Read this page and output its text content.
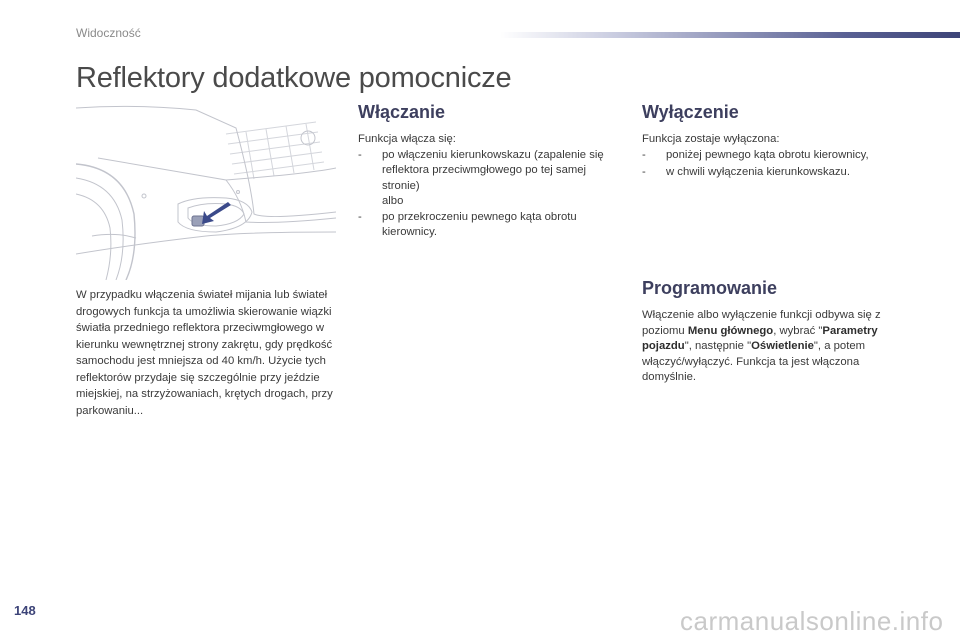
Widoczność
Reflektory dodatkowe pomocnicze
W przypadku włączenia świateł mijania lub świateł drogowych funkcja ta umożliwia skierowanie wiązki światła przedniego reflektora przeciwmgłowego w kierunku wewnętrznej strony zakrętu, gdy prędkość samochodu jest mniejsza od 40 km/h. Użycie tych reflektorów przydaje się szczególnie przy jeździe miejskiej, na strzyżowaniach, krętych drogach, przy parkowaniu...
Włączanie
Funkcja włącza się:
-	po włączeniu kierunkowskazu (zapalenie się reflektora przeciwmgłowego po tej samej stronie)
albo
-	po przekroczeniu pewnego kąta obrotu kierownicy.
Wyłączenie
Funkcja zostaje wyłączona:
-	poniżej pewnego kąta obrotu kierownicy,
-	w chwili wyłączenia kierunkowskazu.
Programowanie
Włączenie albo wyłączenie funkcji odbywa się z poziomu Menu głównego, wybrać "Parametry pojazdu", następnie "Oświetlenie", a potem włączyć/wyłączyć. Funkcja ta jest włączona domyślnie.
148	carmanualsonline.info
